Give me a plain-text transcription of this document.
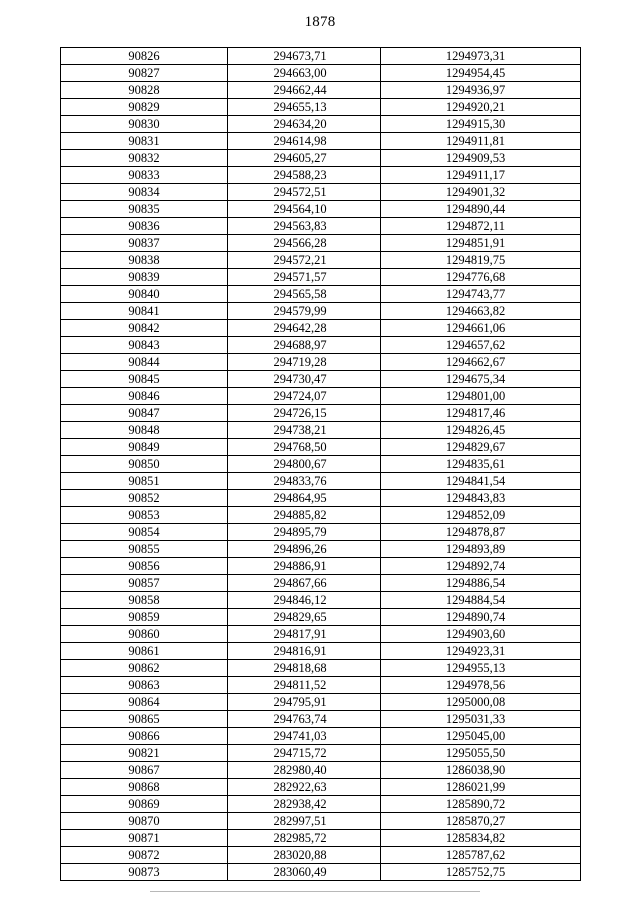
1878
90826	294673,71	1294973,31
90827	294663,00	1294954,45
90828	294662,44	1294936,97
90829	294655,13	1294920,21
90830	294634,20	1294915,30
90831	294614,98	1294911,81
90832	294605,27	1294909,53
90833	294588,23	1294911,17
90834	294572,51	1294901,32
90835	294564,10	1294890,44
90836	294563,83	1294872,11
90837	294566,28	1294851,91
90838	294572,21	1294819,75
90839	294571,57	1294776,68
90840	294565,58	1294743,77
90841	294579,99	1294663,82
90842	294642,28	1294661,06
90843	294688,97	1294657,62
90844	294719,28	1294662,67
90845	294730,47	1294675,34
90846	294724,07	1294801,00
90847	294726,15	1294817,46
90848	294738,21	1294826,45
90849	294768,50	1294829,67
90850	294800,67	1294835,61
90851	294833,76	1294841,54
90852	294864,95	1294843,83
90853	294885,82	1294852,09
90854	294895,79	1294878,87
90855	294896,26	1294893,89
90856	294886,91	1294892,74
90857	294867,66	1294886,54
90858	294846,12	1294884,54
90859	294829,65	1294890,74
90860	294817,91	1294903,60
90861	294816,91	1294923,31
90862	294818,68	1294955,13
90863	294811,52	1294978,56
90864	294795,91	1295000,08
90865	294763,74	1295031,33
90866	294741,03	1295045,00
90821	294715,72	1295055,50
90867	282980,40	1286038,90
90868	282922,63	1286021,99
90869	282938,42	1285890,72
90870	282997,51	1285870,27
90871	282985,72	1285834,82
90872	283020,88	1285787,62
90873	283060,49	1285752,75
